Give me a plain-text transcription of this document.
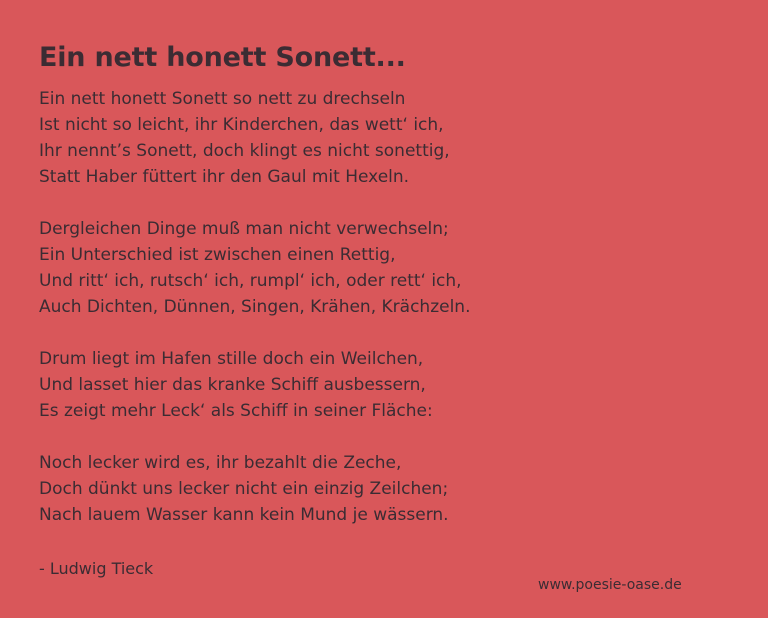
Ein nett honett Sonett...
Ein nett honett Sonett so nett zu drechseln
Ist nicht so leicht, ihr Kinderchen, das wett‘ ich,
Ihr nennt’s Sonett, doch klingt es nicht sonettig,
Statt Haber füttert ihr den Gaul mit Hexeln.
Dergleichen Dinge muß man nicht verwechseln;
Ein Unterschied ist zwischen einen Rettig,
Und ritt‘ ich, rutsch‘ ich, rumpl‘ ich, oder rett‘ ich,
Auch Dichten, Dünnen, Singen, Krähen, Krächzeln.
Drum liegt im Hafen stille doch ein Weilchen,
Und lasset hier das kranke Schiff ausbessern,
Es zeigt mehr Leck‘ als Schiff in seiner Fläche:
Noch lecker wird es, ihr bezahlt die Zeche,
Doch dünkt uns lecker nicht ein einzig Zeilchen;
Nach lauem Wasser kann kein Mund je wässern.
- Ludwig Tieck
www.poesie-oase.de
